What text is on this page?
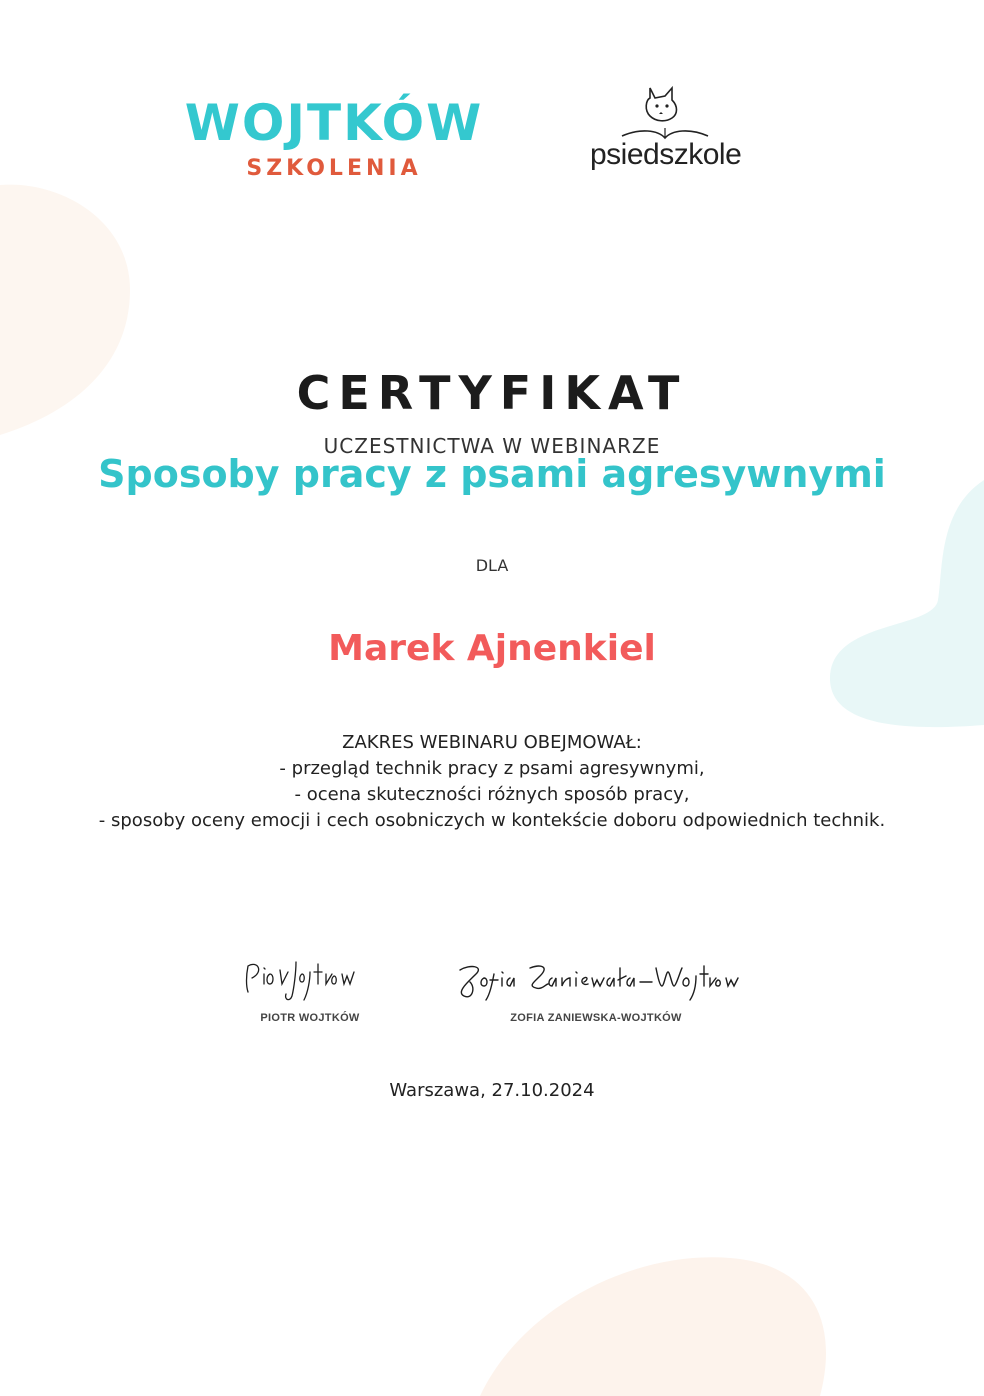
WOJTKÓW
SZKOLENIA	psiedszkole
CERTYFIKAT
UCZESTNICTWA W WEBINARZE
Sposoby pracy z psami agresywnymi
DLA
Marek Ajnenkiel
ZAKRES WEBINARU OBEJMOWAŁ:
- przegląd technik pracy z psami agresywnymi,
- ocena skuteczności różnych sposób pracy,
- sposoby oceny emocji i cech osobniczych w kontekście doboru odpowiednich technik.
PIOTR WOJTKÓW	ZOFIA ZANIEWSKA-WOJTKÓW
Warszawa, 27.10.2024
